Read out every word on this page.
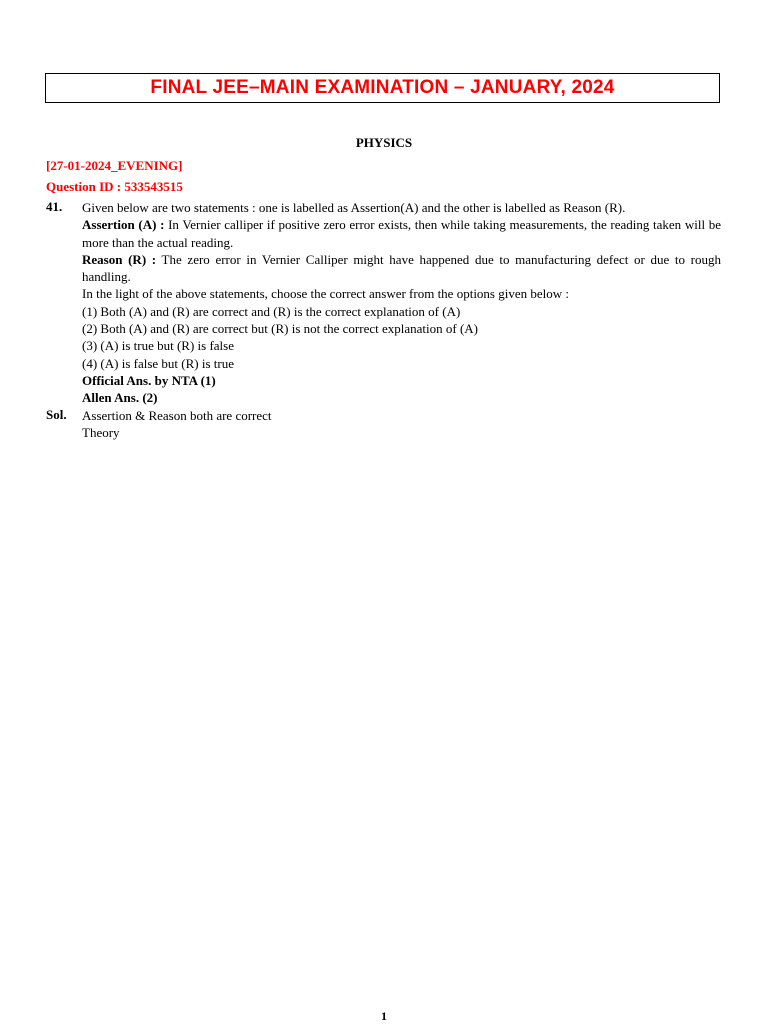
FINAL JEE–MAIN EXAMINATION – JANUARY, 2024
PHYSICS
[27-01-2024_EVENING]
Question ID : 533543515
41. Given below are two statements : one is labelled as Assertion(A) and the other is labelled as Reason (R).

Assertion (A) : In Vernier calliper if positive zero error exists, then while taking measurements, the reading taken will be more than the actual reading.

Reason (R) : The zero error in Vernier Calliper might have happened due to manufacturing defect or due to rough handling.

In the light of the above statements, choose the correct answer from the options given below :

(1) Both (A) and (R) are correct and (R) is the correct explanation of (A)

(2) Both (A) and (R) are correct but (R) is not the correct explanation of (A)

(3) (A) is true but (R) is false

(4) (A) is false but (R) is true

Official Ans. by NTA (1)

Allen Ans. (2)

Sol. Assertion & Reason both are correct

Theory

1
